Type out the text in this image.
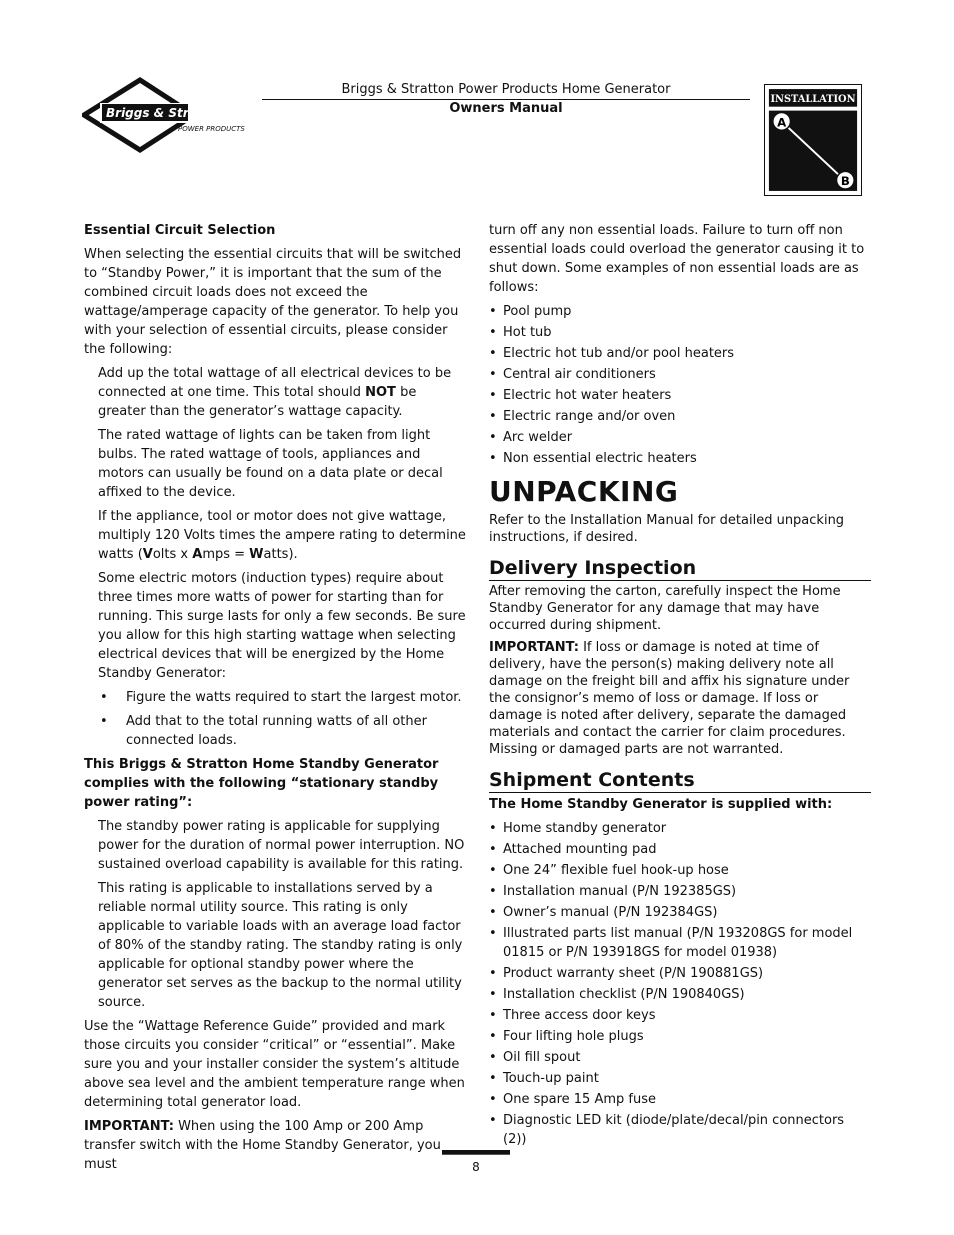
Briggs & Stratton
POWER PRODUCTS
Briggs & Stratton Power Products Home Generator
Owners Manual
INSTALLATION
A
B

Essential Circuit Selection

When selecting the essential circuits that will be switched to “Standby Power,” it is important that the sum of the combined circuit loads does not exceed the wattage/amperage capacity of the generator. To help you with your selection of essential circuits, please consider the following:

Add up the total wattage of all electrical devices to be connected at one time. This total should NOT be greater than the generator’s wattage capacity.

The rated wattage of lights can be taken from light bulbs. The rated wattage of tools, appliances and motors can usually be found on a data plate or decal affixed to the device.

If the appliance, tool or motor does not give wattage, multiply 120 Volts times the ampere rating to determine watts (Volts x Amps = Watts).

Some electric motors (induction types) require about three times more watts of power for starting than for running. This surge lasts for only a few seconds. Be sure you allow for this high starting wattage when selecting electrical devices that will be energized by the Home Standby Generator:

• Figure the watts required to start the largest motor.
• Add that to the total running watts of all other connected loads.

This Briggs & Stratton Home Standby Generator complies with the following “stationary standby power rating”:

The standby power rating is applicable for supplying power for the duration of normal power interruption. NO sustained overload capability is available for this rating.

This rating is applicable to installations served by a reliable normal utility source. This rating is only applicable to variable loads with an average load factor of 80% of the standby rating. The standby rating is only applicable for optional standby power where the generator set serves as the backup to the normal utility source.

Use the “Wattage Reference Guide” provided and mark those circuits you consider “critical” or “essential”. Make sure you and your installer consider the system’s altitude above sea level and the ambient temperature range when determining total generator load.

IMPORTANT: When using the 100 Amp or 200 Amp transfer switch with the Home Standby Generator, you must

turn off any non essential loads. Failure to turn off non essential loads could overload the generator causing it to shut down. Some examples of non essential loads are as follows:

• Pool pump
• Hot tub
• Electric hot tub and/or pool heaters
• Central air conditioners
• Electric hot water heaters
• Electric range and/or oven
• Arc welder
• Non essential electric heaters
UNPACKING

Refer to the Installation Manual for detailed unpacking instructions, if desired.

Delivery Inspection

After removing the carton, carefully inspect the Home Standby Generator for any damage that may have occurred during shipment.

IMPORTANT: If loss or damage is noted at time of delivery, have the person(s) making delivery note all damage on the freight bill and affix his signature under the consignor’s memo of loss or damage. If loss or damage is noted after delivery, separate the damaged materials and contact the carrier for claim procedures. Missing or damaged parts are not warranted.

Shipment Contents

The Home Standby Generator is supplied with:

• Home standby generator
• Attached mounting pad
• One 24” flexible fuel hook-up hose
• Installation manual (P/N 192385GS)
• Owner’s manual (P/N 192384GS)
• Illustrated parts list manual (P/N 193208GS for model 01815 or P/N 193918GS for model 01938)
• Product warranty sheet (P/N 190881GS)
• Installation checklist (P/N 190840GS)
• Three access door keys
• Four lifting hole plugs
• Oil fill spout
• Touch-up paint
• One spare 15 Amp fuse
• Diagnostic LED kit (diode/plate/decal/pin connectors (2))
8
